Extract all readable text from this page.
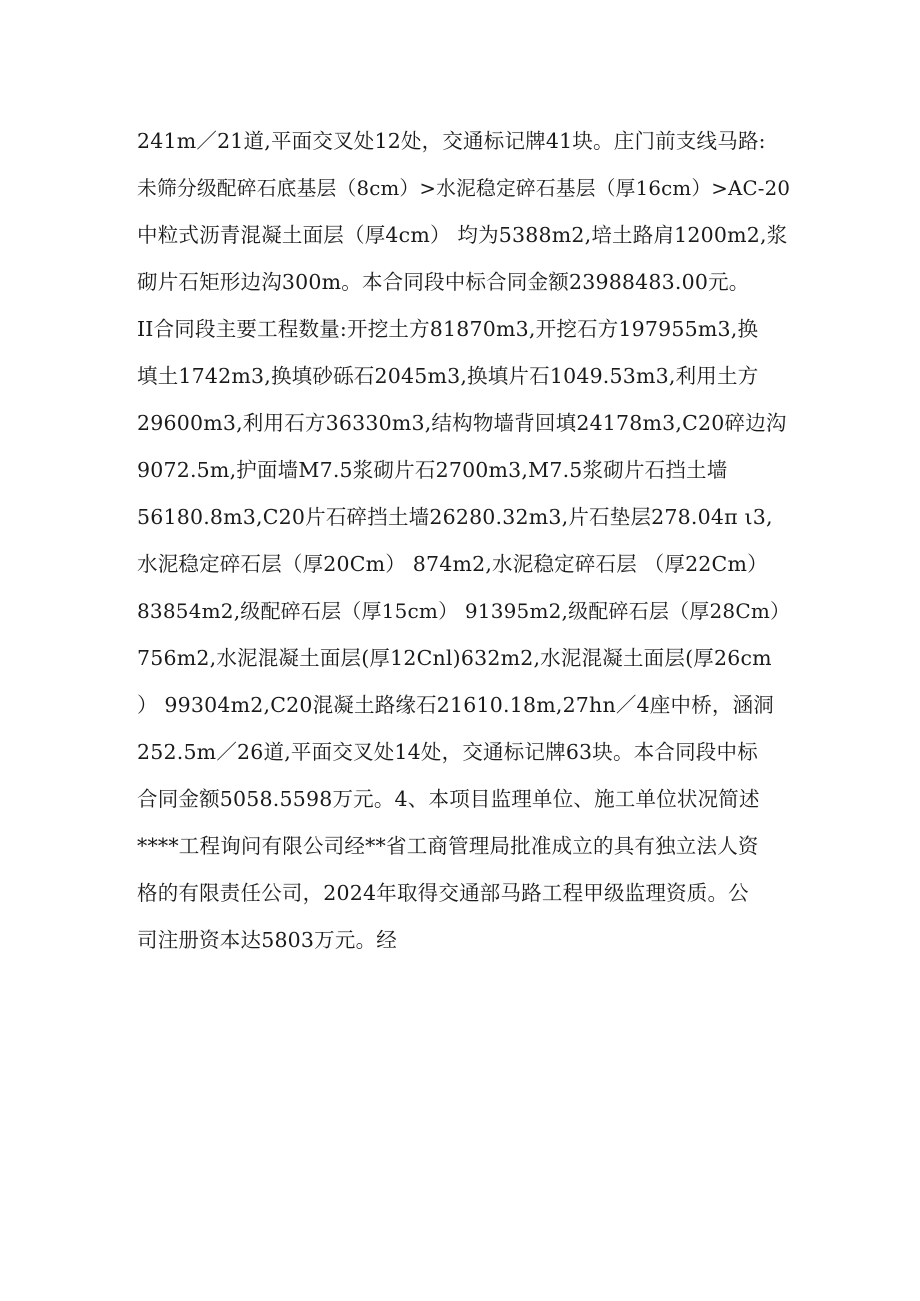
241m／21道,平面交叉处12处，交通标记牌41块。庄门前支线马路:
未筛分级配碎石底基层（8cm）>水泥稳定碎石基层（厚16cm）>AC-20
中粒式沥青混凝土面层（厚4cm） 均为5388m2,培土路肩1200m2,浆
砌片石矩形边沟300m。本合同段中标合同金额23988483.00元。
II合同段主要工程数量:开挖土方81870m3,开挖石方197955m3,换
填土1742m3,换填砂砾石2045m3,换填片石1049.53m3,利用土方
29600m3,利用石方36330m3,结构物墙背回填24178m3,C20碎边沟
9072.5m,护面墙M7.5浆砌片石2700m3,M7.5浆砌片石挡土墙
56180.8m3,C20片石碎挡土墙26280.32m3,片石垫层278.04π ι3,
水泥稳定碎石层（厚20Cm） 874m2,水泥稳定碎石层 （厚22Cm）
83854m2,级配碎石层（厚15cm） 91395m2,级配碎石层（厚28Cm）
756m2,水泥混凝土面层(厚12Cnl)632m2,水泥混凝土面层(厚26cm
） 99304m2,C20混凝土路缘石21610.18m,27hn／4座中桥，涵洞
252.5m／26道,平面交叉处14处，交通标记牌63块。本合同段中标
合同金额5058.5598万元。4、本项目监理单位、施工单位状况简述
****工程询问有限公司经**省工商管理局批准成立的具有独立法人资
格的有限责任公司，2024年取得交通部马路工程甲级监理资质。公
司注册资本达5803万元。经
